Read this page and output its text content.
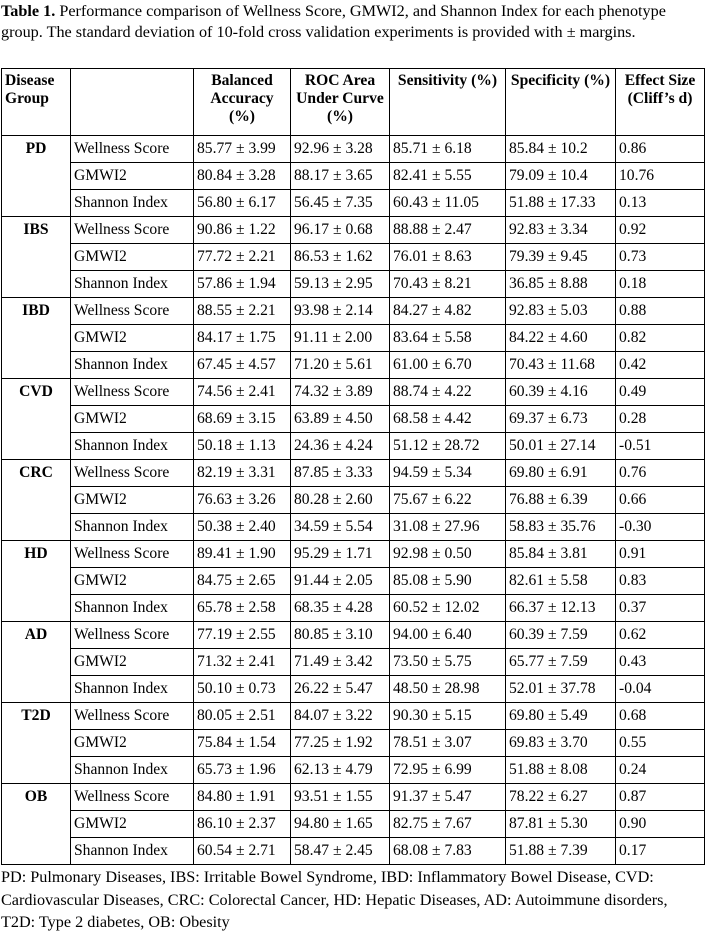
Table 1. Performance comparison of Wellness Score, GMWI2, and Shannon Index for each phenotype group. The standard deviation of 10-fold cross validation experiments is provided with ± margins.
Disease Group		Balanced Accuracy (%)	ROC Area Under Curve (%)	Sensitivity (%)	Specificity (%)	Effect Size (Cliff’s d)
PD	Wellness Score	85.77 ± 3.99	92.96 ± 3.28	85.71 ± 6.18	85.84 ± 10.2	0.86
	GMWI2	80.84 ± 3.28	88.17 ± 3.65	82.41 ± 5.55	79.09 ± 10.4	10.76
	Shannon Index	56.80 ± 6.17	56.45 ± 7.35	60.43 ± 11.05	51.88 ± 17.33	0.13
IBS	Wellness Score	90.86 ± 1.22	96.17 ± 0.68	88.88 ± 2.47	92.83 ± 3.34	0.92
	GMWI2	77.72 ± 2.21	86.53 ± 1.62	76.01 ± 8.63	79.39 ± 9.45	0.73
	Shannon Index	57.86 ± 1.94	59.13 ± 2.95	70.43 ± 8.21	36.85 ± 8.88	0.18
IBD	Wellness Score	88.55 ± 2.21	93.98 ± 2.14	84.27 ± 4.82	92.83 ± 5.03	0.88
	GMWI2	84.17 ± 1.75	91.11 ± 2.00	83.64 ± 5.58	84.22 ± 4.60	0.82
	Shannon Index	67.45 ± 4.57	71.20 ± 5.61	61.00 ± 6.70	70.43 ± 11.68	0.42
CVD	Wellness Score	74.56 ± 2.41	74.32 ± 3.89	88.74 ± 4.22	60.39 ± 4.16	0.49
	GMWI2	68.69 ± 3.15	63.89 ± 4.50	68.58 ± 4.42	69.37 ± 6.73	0.28
	Shannon Index	50.18 ± 1.13	24.36 ± 4.24	51.12 ± 28.72	50.01 ± 27.14	-0.51
CRC	Wellness Score	82.19 ± 3.31	87.85 ± 3.33	94.59 ± 5.34	69.80 ± 6.91	0.76
	GMWI2	76.63 ± 3.26	80.28 ± 2.60	75.67 ± 6.22	76.88 ± 6.39	0.66
	Shannon Index	50.38 ± 2.40	34.59 ± 5.54	31.08 ± 27.96	58.83 ± 35.76	-0.30
HD	Wellness Score	89.41 ± 1.90	95.29 ± 1.71	92.98 ± 0.50	85.84 ± 3.81	0.91
	GMWI2	84.75 ± 2.65	91.44 ± 2.05	85.08 ± 5.90	82.61 ± 5.58	0.83
	Shannon Index	65.78 ± 2.58	68.35 ± 4.28	60.52 ± 12.02	66.37 ± 12.13	0.37
AD	Wellness Score	77.19 ± 2.55	80.85 ± 3.10	94.00 ± 6.40	60.39 ± 7.59	0.62
	GMWI2	71.32 ± 2.41	71.49 ± 3.42	73.50 ± 5.75	65.77 ± 7.59	0.43
	Shannon Index	50.10 ± 0.73	26.22 ± 5.47	48.50 ± 28.98	52.01 ± 37.78	-0.04
T2D	Wellness Score	80.05 ± 2.51	84.07 ± 3.22	90.30 ± 5.15	69.80 ± 5.49	0.68
	GMWI2	75.84 ± 1.54	77.25 ± 1.92	78.51 ± 3.07	69.83 ± 3.70	0.55
	Shannon Index	65.73 ± 1.96	62.13 ± 4.79	72.95 ± 6.99	51.88 ± 8.08	0.24
OB	Wellness Score	84.80 ± 1.91	93.51 ± 1.55	91.37 ± 5.47	78.22 ± 6.27	0.87
	GMWI2	86.10 ± 2.37	94.80 ± 1.65	82.75 ± 7.67	87.81 ± 5.30	0.90
	Shannon Index	60.54 ± 2.71	58.47 ± 2.45	68.08 ± 7.83	51.88 ± 7.39	0.17
PD: Pulmonary Diseases, IBS: Irritable Bowel Syndrome, IBD: Inflammatory Bowel Disease, CVD: Cardiovascular Diseases, CRC: Colorectal Cancer, HD: Hepatic Diseases, AD: Autoimmune disorders, T2D: Type 2 diabetes, OB: Obesity
